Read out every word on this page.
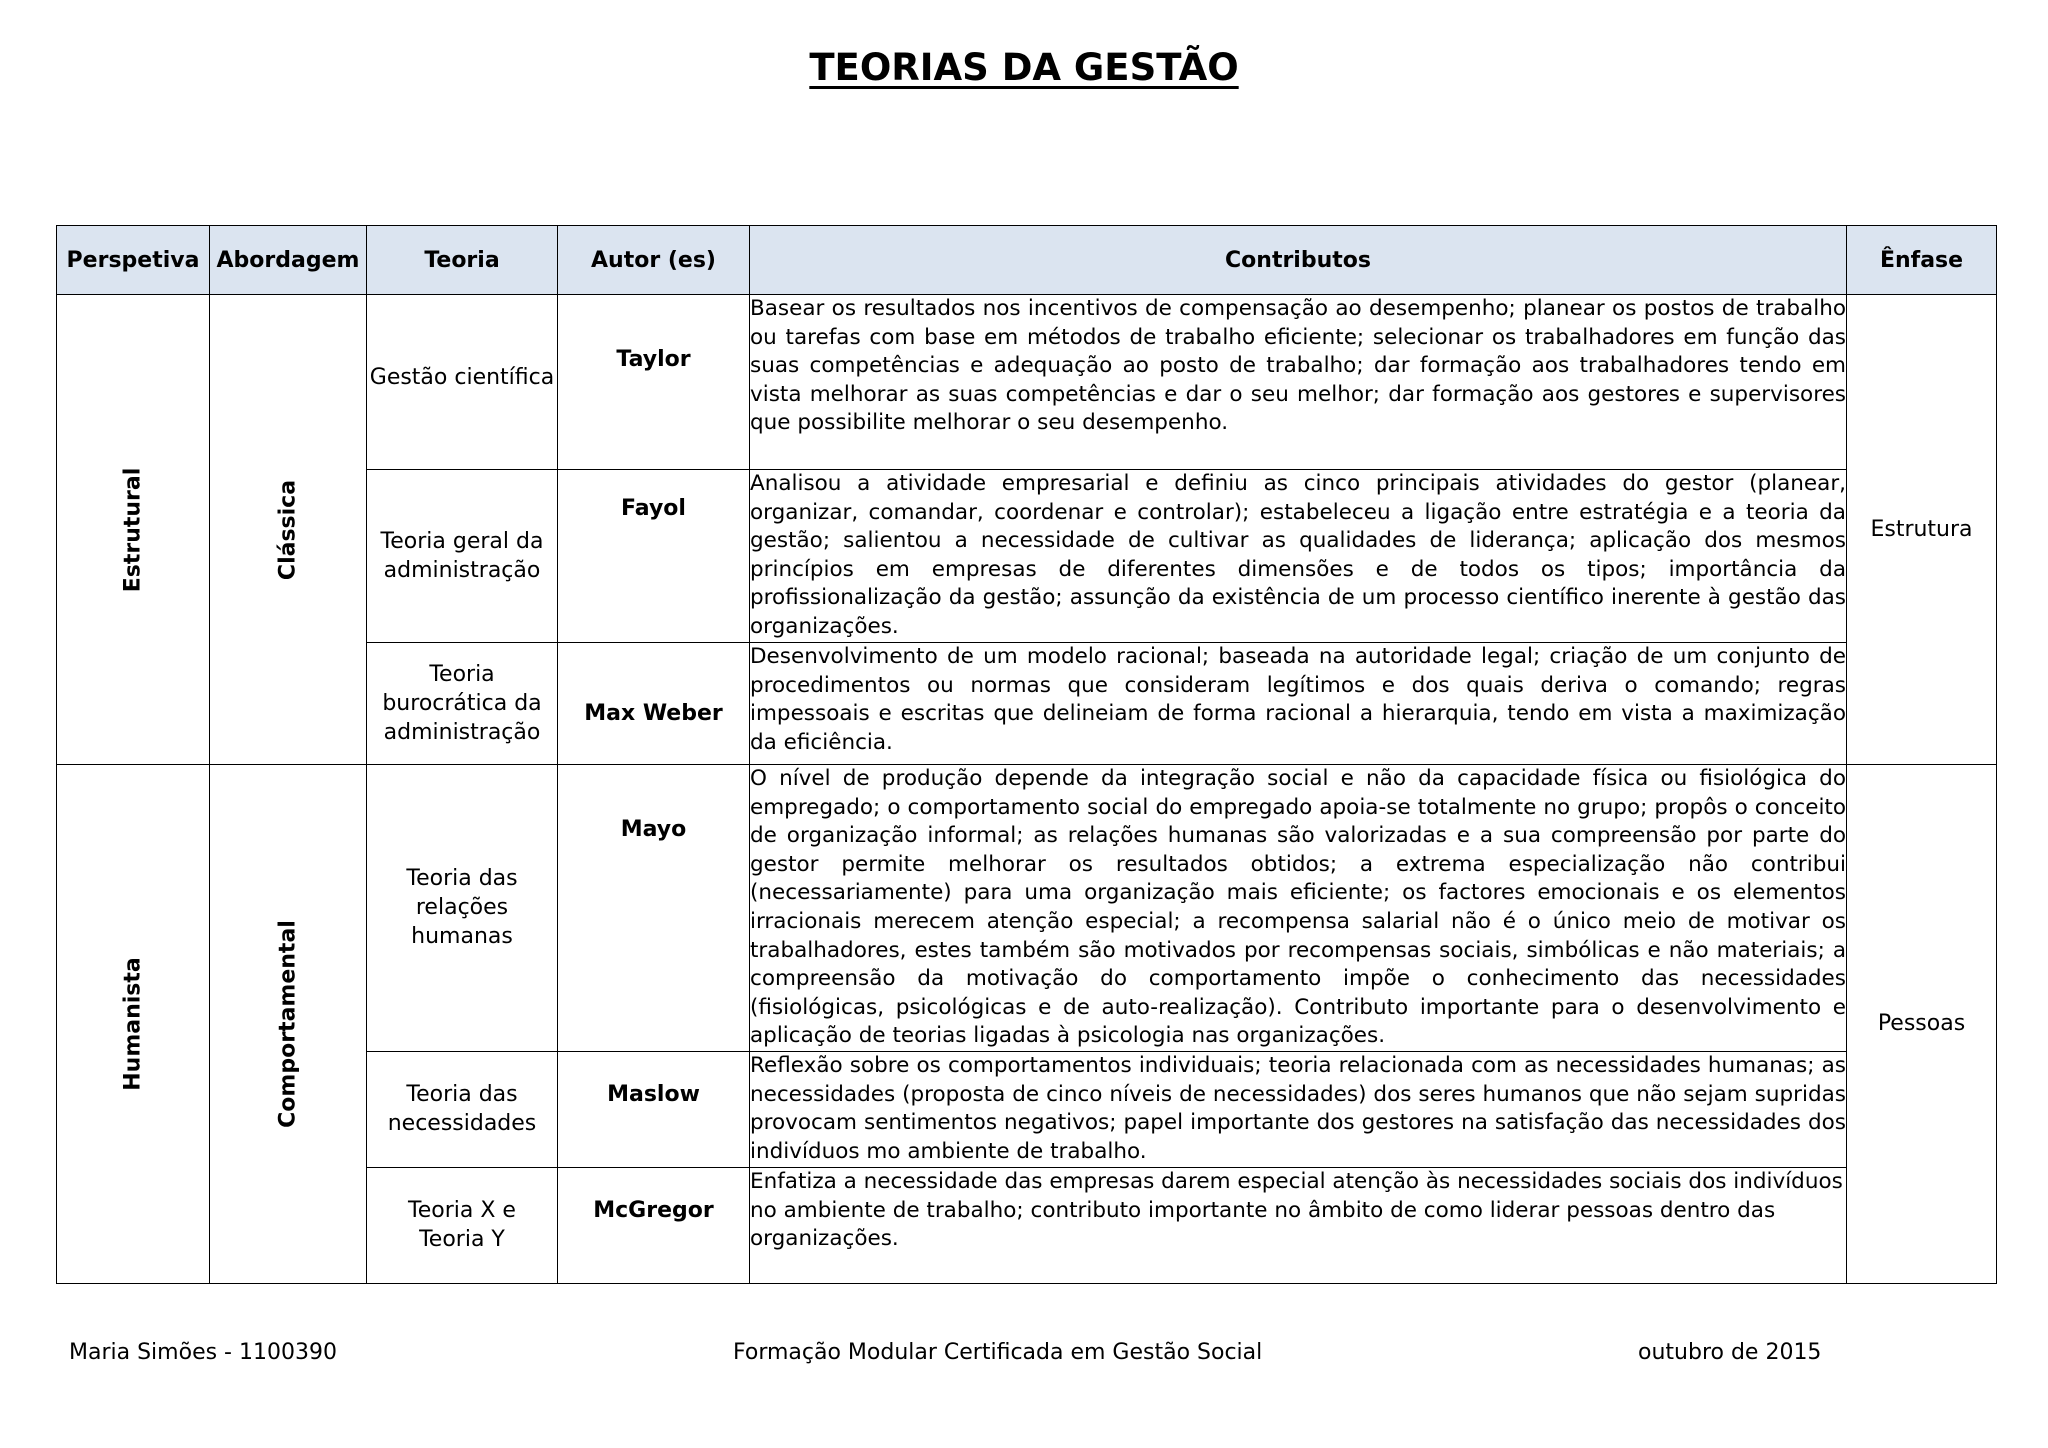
TEORIAS DA GESTÃO
Perspetiva	Abordagem	Teoria	Autor (es)	Contributos	Ênfase

Estrutural	Clássica	Gestão científica	Taylor	Basear os resultados nos incentivos de compensação ao desempenho; planear os postos de trabalho ou tarefas com base em métodos de trabalho eficiente; selecionar os trabalhadores em função das suas competências e adequação ao posto de trabalho; dar formação aos trabalhadores tendo em vista melhorar as suas competências e dar o seu melhor; dar formação aos gestores e supervisores que possibilite melhorar o seu desempenho.	Estrutura
		Teoria geral da administração	Fayol	Analisou a atividade empresarial e definiu as cinco principais atividades do gestor (planear, organizar, comandar, coordenar e controlar); estabeleceu a ligação entre estratégia e a teoria da gestão; salientou a necessidade de cultivar as qualidades de liderança; aplicação dos mesmos princípios em empresas de diferentes dimensões e de todos os tipos; importância da profissionalização da gestão; assunção da existência de um processo científico inerente à gestão das organizações.	
		Teoria burocrática da administração	Max Weber	Desenvolvimento de um modelo racional; baseada na autoridade legal; criação de um conjunto de procedimentos ou normas que consideram legítimos e dos quais deriva o comando; regras impessoais e escritas que delineiam de forma racional a hierarquia, tendo em vista a maximização da eficiência.	

Humanista	Comportamental	Teoria das relações humanas	Mayo	O nível de produção depende da integração social e não da capacidade física ou fisiológica do empregado; o comportamento social do empregado apoia-se totalmente no grupo; propôs o conceito de organização informal; as relações humanas são valorizadas e a sua compreensão por parte do gestor permite melhorar os resultados obtidos; a extrema especialização não contribui (necessariamente) para uma organização mais eficiente; os factores emocionais e os elementos irracionais merecem atenção especial; a recompensa salarial não é o único meio de motivar os trabalhadores, estes também são motivados por recompensas sociais, simbólicas e não materiais; a compreensão da motivação do comportamento impõe o conhecimento das necessidades (fisiológicas, psicológicas e de auto-realização). Contributo importante para o desenvolvimento e aplicação de teorias ligadas à psicologia nas organizações.	Pessoas
		Teoria das necessidades	Maslow	Reflexão sobre os comportamentos individuais; teoria relacionada com as necessidades humanas; as necessidades (proposta de cinco níveis de necessidades) dos seres humanos que não sejam supridas provocam sentimentos negativos; papel importante dos gestores na satisfação das necessidades dos indivíduos mo ambiente de trabalho.	
		Teoria X e Teoria Y	McGregor	Enfatiza a necessidade das empresas darem especial atenção às necessidades sociais dos indivíduos no ambiente de trabalho; contributo importante no âmbito de como liderar pessoas dentro das organizações.	
Maria Simões - 1100390	Formação Modular Certificada em Gestão Social	outubro de 2015
